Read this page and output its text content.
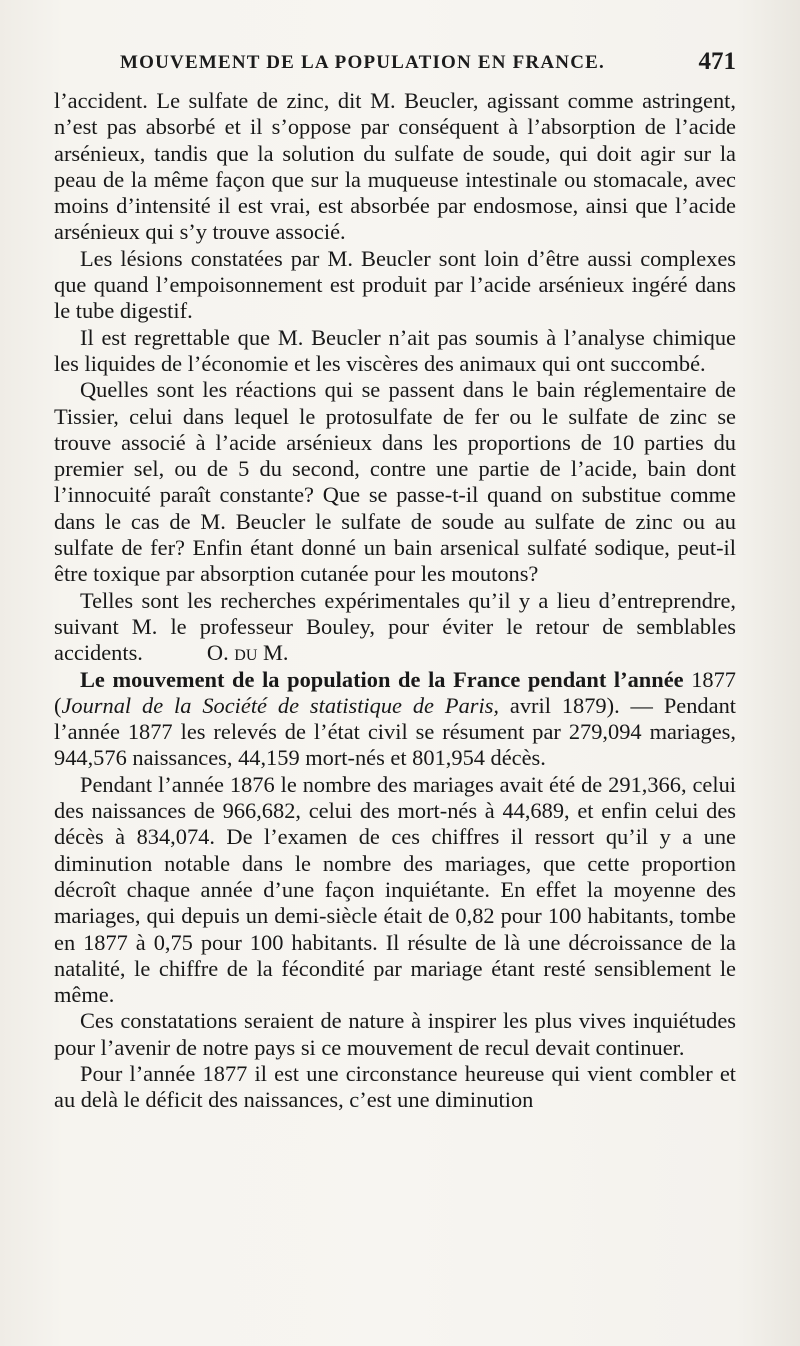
MOUVEMENT DE LA POPULATION EN FRANCE.	471

l’accident. Le sulfate de zinc, dit M. Beucler, agissant comme astringent, n’est pas absorbé et il s’oppose par conséquent à l’absorption de l’acide arsénieux, tandis que la solution du sulfate de soude, qui doit agir sur la peau de la même façon que sur la muqueuse intestinale ou stomacale, avec moins d’intensité il est vrai, est absorbée par endosmose, ainsi que l’acide arsénieux qui s’y trouve associé.

Les lésions constatées par M. Beucler sont loin d’être aussi complexes que quand l’empoisonnement est produit par l’acide arsénieux ingéré dans le tube digestif.

Il est regrettable que M. Beucler n’ait pas soumis à l’analyse chimique les liquides de l’économie et les viscères des animaux qui ont succombé.

Quelles sont les réactions qui se passent dans le bain réglementaire de Tissier, celui dans lequel le protosulfate de fer ou le sulfate de zinc se trouve associé à l’acide arsénieux dans les proportions de 10 parties du premier sel, ou de 5 du second, contre une partie de l’acide, bain dont l’innocuité paraît constante? Que se passe-t-il quand on substitue comme dans le cas de M. Beucler le sulfate de soude au sulfate de zinc ou au sulfate de fer? Enfin étant donné un bain arsenical sulfaté sodique, peut-il être toxique par absorption cutanée pour les moutons?

Telles sont les recherches expérimentales qu’il y a lieu d’entreprendre, suivant M. le professeur Bouley, pour éviter le retour de semblables accidents.	O. du M.

Le mouvement de la population de la France pendant l’année 1877 (Journal de la Société de statistique de Paris, avril 1879). — Pendant l’année 1877 les relevés de l’état civil se résument par 279,094 mariages, 944,576 naissances, 44,159 mort-nés et 801,954 décès.

Pendant l’année 1876 le nombre des mariages avait été de 291,366, celui des naissances de 966,682, celui des mort-nés à 44,689, et enfin celui des décès à 834,074. De l’examen de ces chiffres il ressort qu’il y a une diminution notable dans le nombre des mariages, que cette proportion décroît chaque année d’une façon inquiétante. En effet la moyenne des mariages, qui depuis un demi-siècle était de 0,82 pour 100 habitants, tombe en 1877 à 0,75 pour 100 habitants. Il résulte de là une décroissance de la natalité, le chiffre de la fécondité par mariage étant resté sensiblement le même.

Ces constatations seraient de nature à inspirer les plus vives inquiétudes pour l’avenir de notre pays si ce mouvement de recul devait continuer.

Pour l’année 1877 il est une circonstance heureuse qui vient combler et au delà le déficit des naissances, c’est une diminution
